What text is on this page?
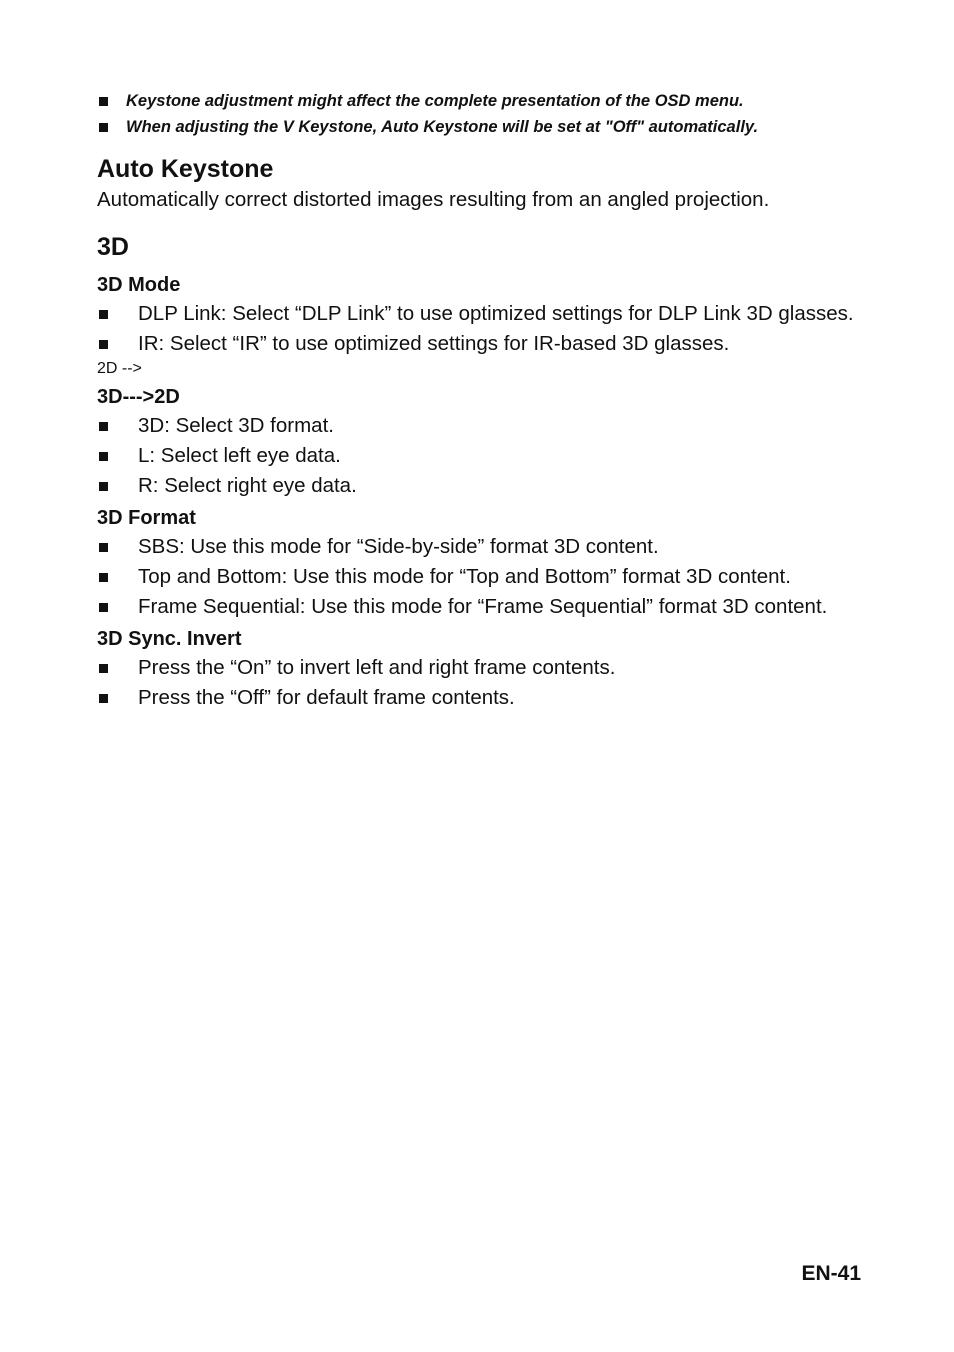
Keystone adjustment might affect the complete presentation of the OSD menu.
When adjusting the V Keystone, Auto Keystone will be set at "Off" automatically.
Auto Keystone

Automatically correct distorted images resulting from an angled projection.

3D
3D Mode
DLP Link: Select “DLP Link” to use optimized settings for DLP Link 3D glasses.
IR: Select “IR” to use optimized settings for IR-based 3D glasses.
2D -->
3D--->2D
3D: Select 3D format.
L: Select left eye data.
R: Select right eye data.
3D Format
SBS: Use this mode for “Side-by-side” format 3D content.
Top and Bottom: Use this mode for “Top and Bottom” format 3D content.
Frame Sequential: Use this mode for “Frame Sequential” format 3D content.
3D Sync. Invert
Press the “On” to invert left and right frame contents.
Press the “Off” for default frame contents.
EN-41
